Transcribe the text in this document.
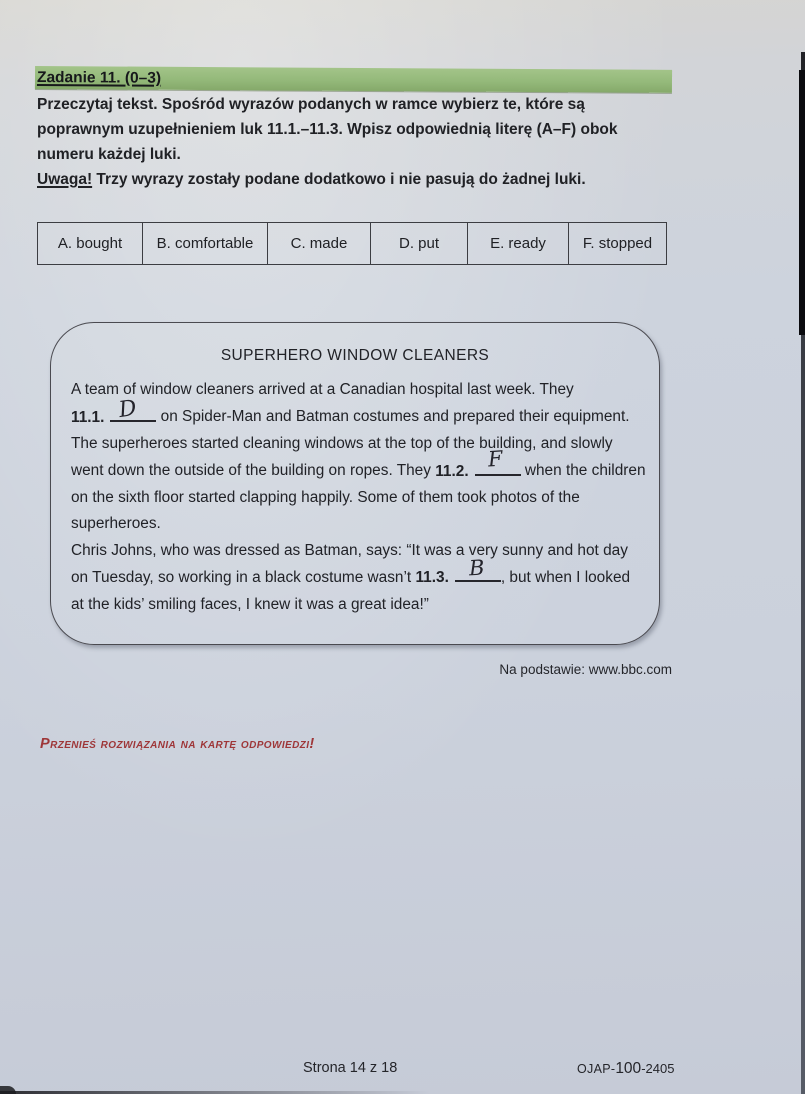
Zadanie 11. (0–3)
Przeczytaj tekst. Spośród wyrazów podanych w ramce wybierz te, które są
poprawnym uzupełnieniem luk 11.1.–11.3. Wpisz odpowiednią literę (A–F) obok
numeru każdej luki.
Uwaga! Trzy wyrazy zostały podane dodatkowo i nie pasują do żadnej luki.
A. bought	B. comfortable	C. made	D. put	E. ready	F. stopped
SUPERHERO WINDOW CLEANERS
A team of window cleaners arrived at a Canadian hospital last week. They
11.1. D on Spider-Man and Batman costumes and prepared their equipment.
The superheroes started cleaning windows at the top of the building, and slowly
went down the outside of the building on ropes. They 11.2.
F
when the children
on the sixth floor started clapping happily. Some of them took photos of the
superheroes.
Chris Johns, who was dressed as Batman, says: “It was a very sunny and hot day
on Tuesday, so working in a black costume wasn’t 11.3. B , but when I looked
at the kids’ smiling faces, I knew it was a great idea!”
Na podstawie: www.bbc.com
Przenieś rozwiązania na kartę odpowiedzi!
Strona 14 z 18	OJAP-100-2405
